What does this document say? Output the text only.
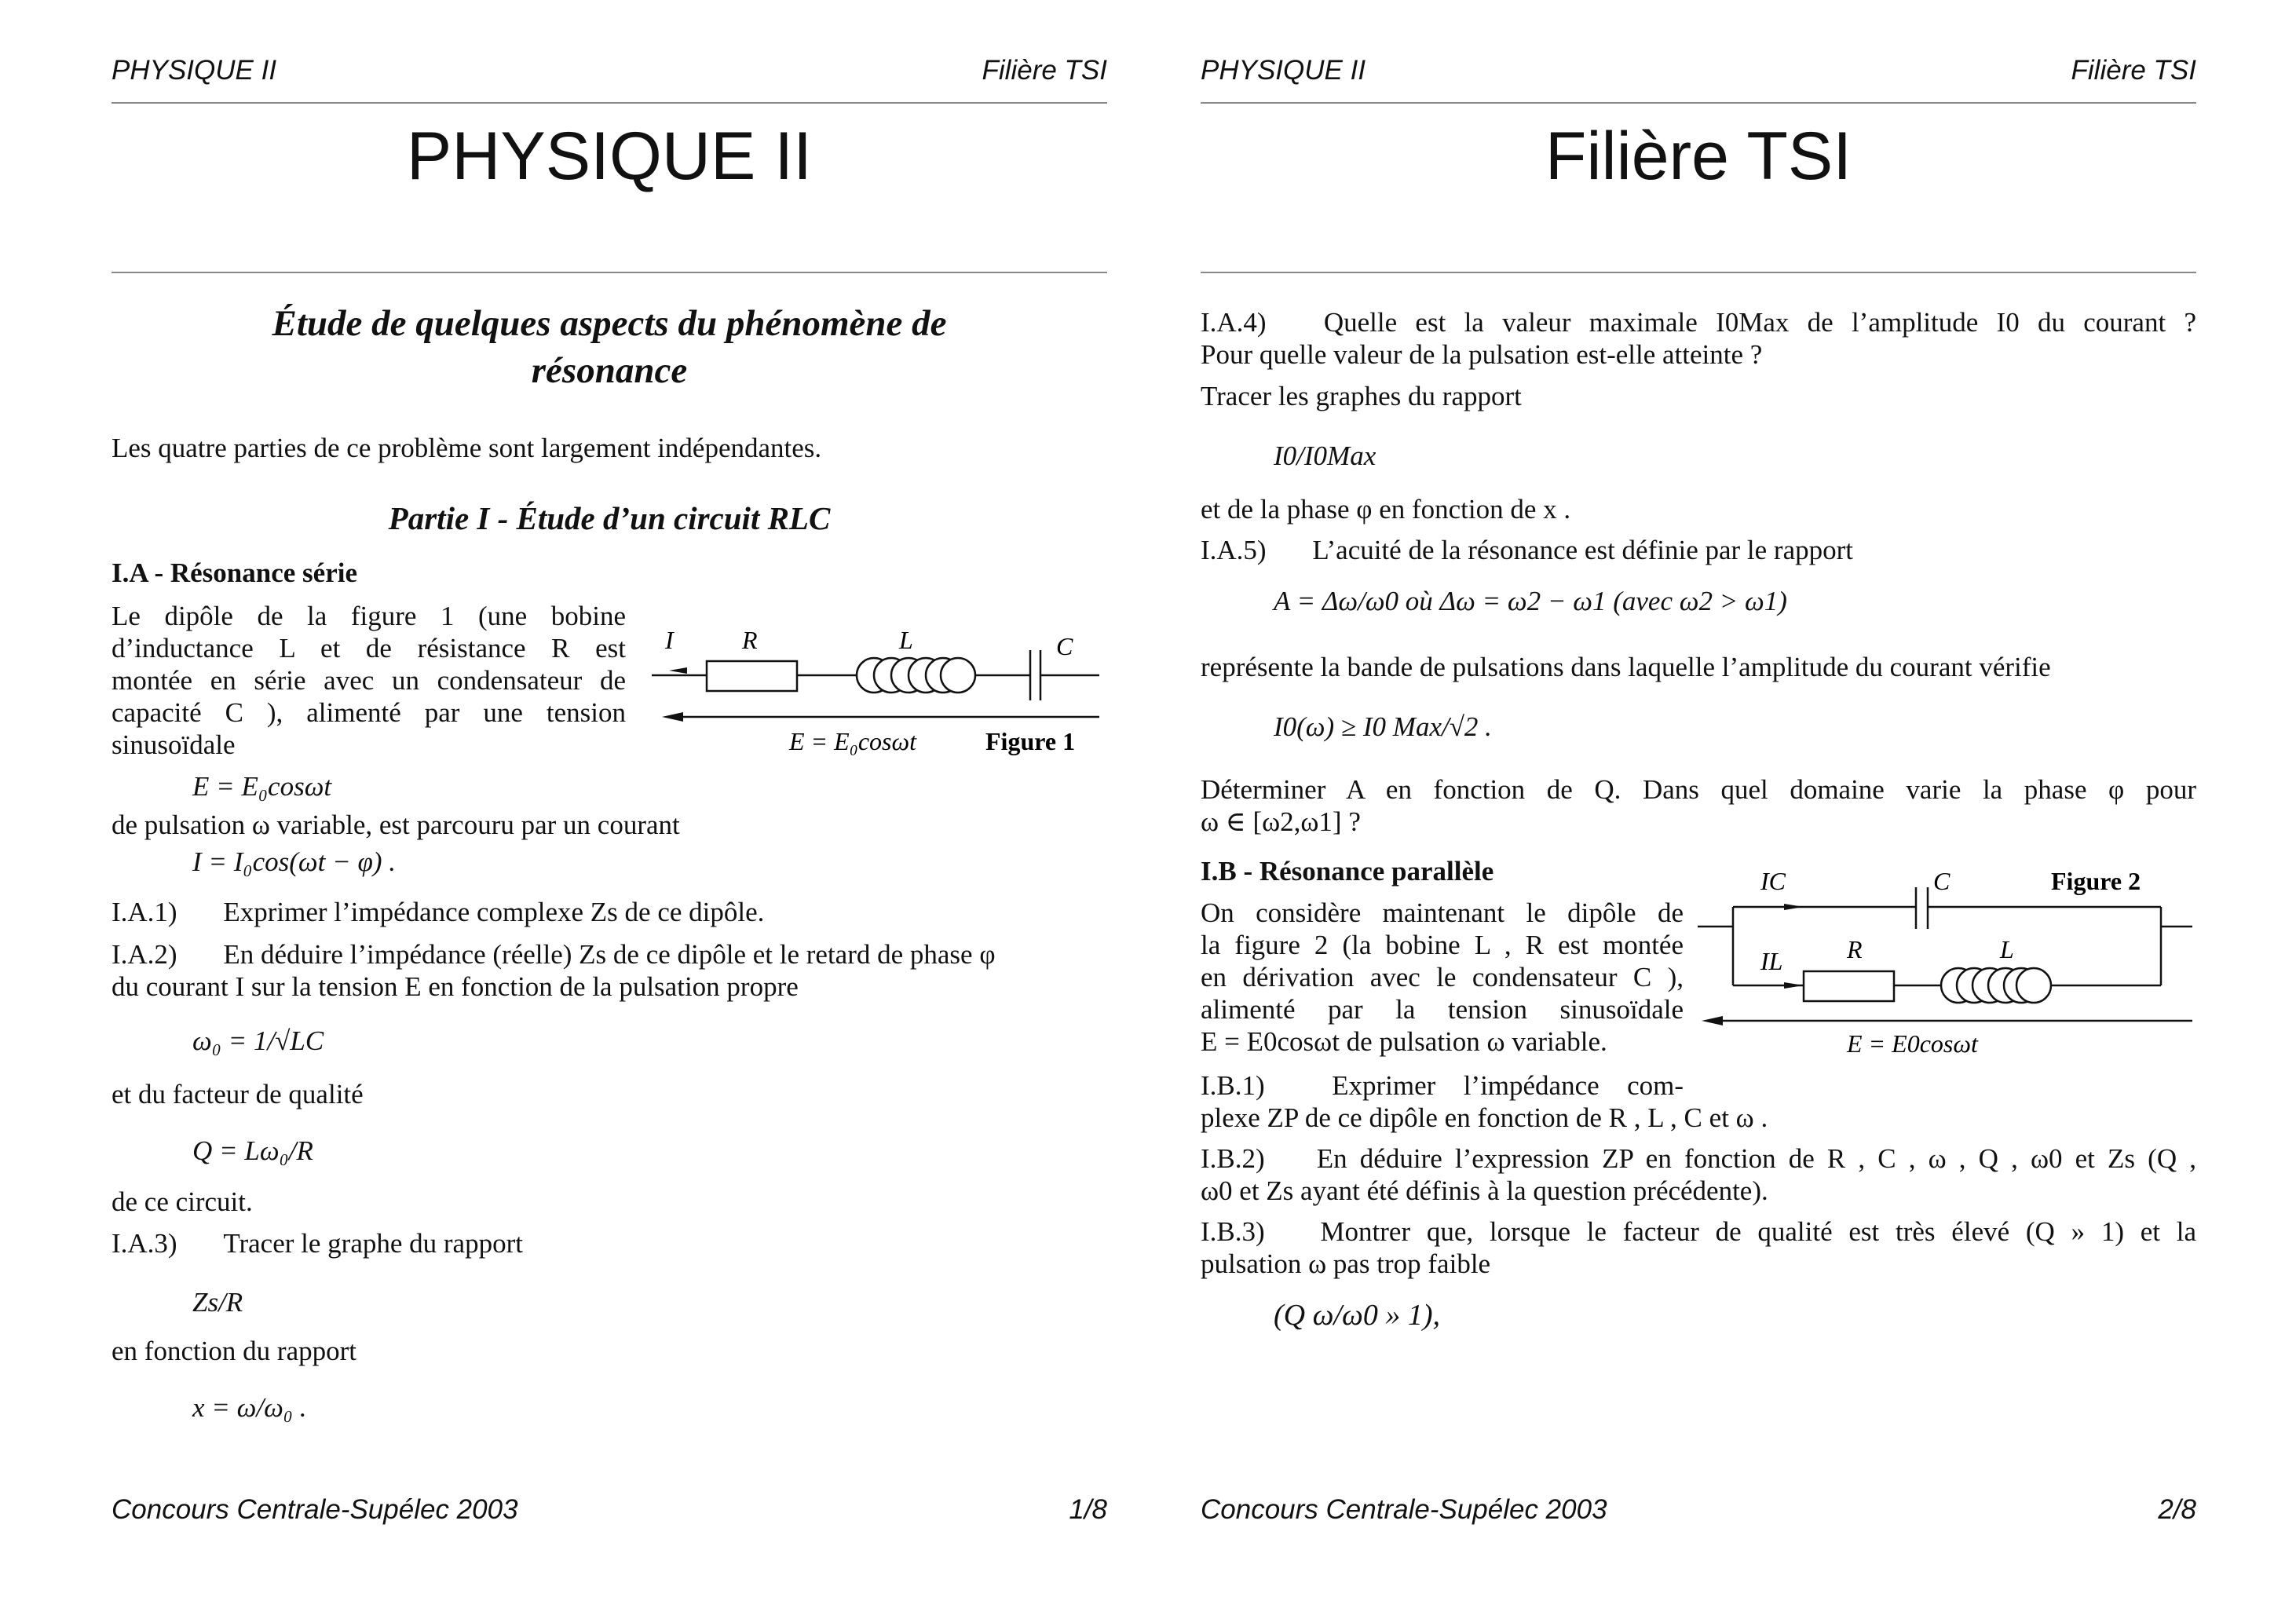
PHYSIQUE II	Filière TSI
PHYSIQUE II
Étude de quelques aspects du phénomène de
résonance
Les quatre parties de ce problème sont largement indépendantes.
Partie I - Étude d’un circuit RLC
I.A - Résonance série
Le dipôle de la figure 1 (une bobine
d’inductance L et de résistance R est
montée en série avec un condensateur de
capacité C ), alimenté par une tension
sinusoïdale
E = E₀cosωt
de pulsation ω variable, est parcouru par un courant
I = I₀cos(ωt − φ) .
I.A.1) Exprimer l’impédance complexe Zs de ce dipôle.
I.A.2) En déduire l’impédance (réelle) Zs de ce dipôle et le retard de phase φ
du courant I sur la tension E en fonction de la pulsation propre
ω₀ = 1/√LC
et du facteur de qualité
Q = Lω₀/R
de ce circuit.
I.A.3) Tracer le graphe du rapport
Zs/R
en fonction du rapport
x = ω/ω₀ .
I	R	L	C
E = E₀cosωt	Figure 1
Concours Centrale-Supélec 2003	1/8
PHYSIQUE II	Filière TSI
Filière TSI
I.A.4) Quelle est la valeur maximale I0Max de l’amplitude I0 du courant ?
Pour quelle valeur de la pulsation est-elle atteinte ?
Tracer les graphes du rapport
I0/I0Max
et de la phase φ en fonction de x .
I.A.5) L’acuité de la résonance est définie par le rapport
A = Δω/ω0 où Δω = ω2 − ω1 (avec ω2 > ω1)
représente la bande de pulsations dans laquelle l’amplitude du courant vérifie
I0(ω) ≥ I0 Max/√2 .
Déterminer A en fonction de Q. Dans quel domaine varie la phase φ pour
ω ∈ [ω2,ω1] ?
I.B - Résonance parallèle
On considère maintenant le dipôle de
la figure 2 (la bobine L , R est montée
en dérivation avec le condensateur C ),
alimenté par la tension sinusoïdale
E = E0cosωt de pulsation ω variable.
I.B.1) Exprimer l’impédance com-
plexe ZP de ce dipôle en fonction de R , L , C et ω .
I.B.2) En déduire l’expression ZP en fonction de R , C , ω , Q , ω0 et Zs (Q ,
ω0 et Zs ayant été définis à la question précédente).
I.B.3) Montrer que, lorsque le facteur de qualité est très élevé (Q » 1) et la
pulsation ω pas trop faible
(Q ω/ω0 » 1),
IC	C	Figure 2
IL	R	L
E = E0cosωt
Concours Centrale-Supélec 2003	2/8
